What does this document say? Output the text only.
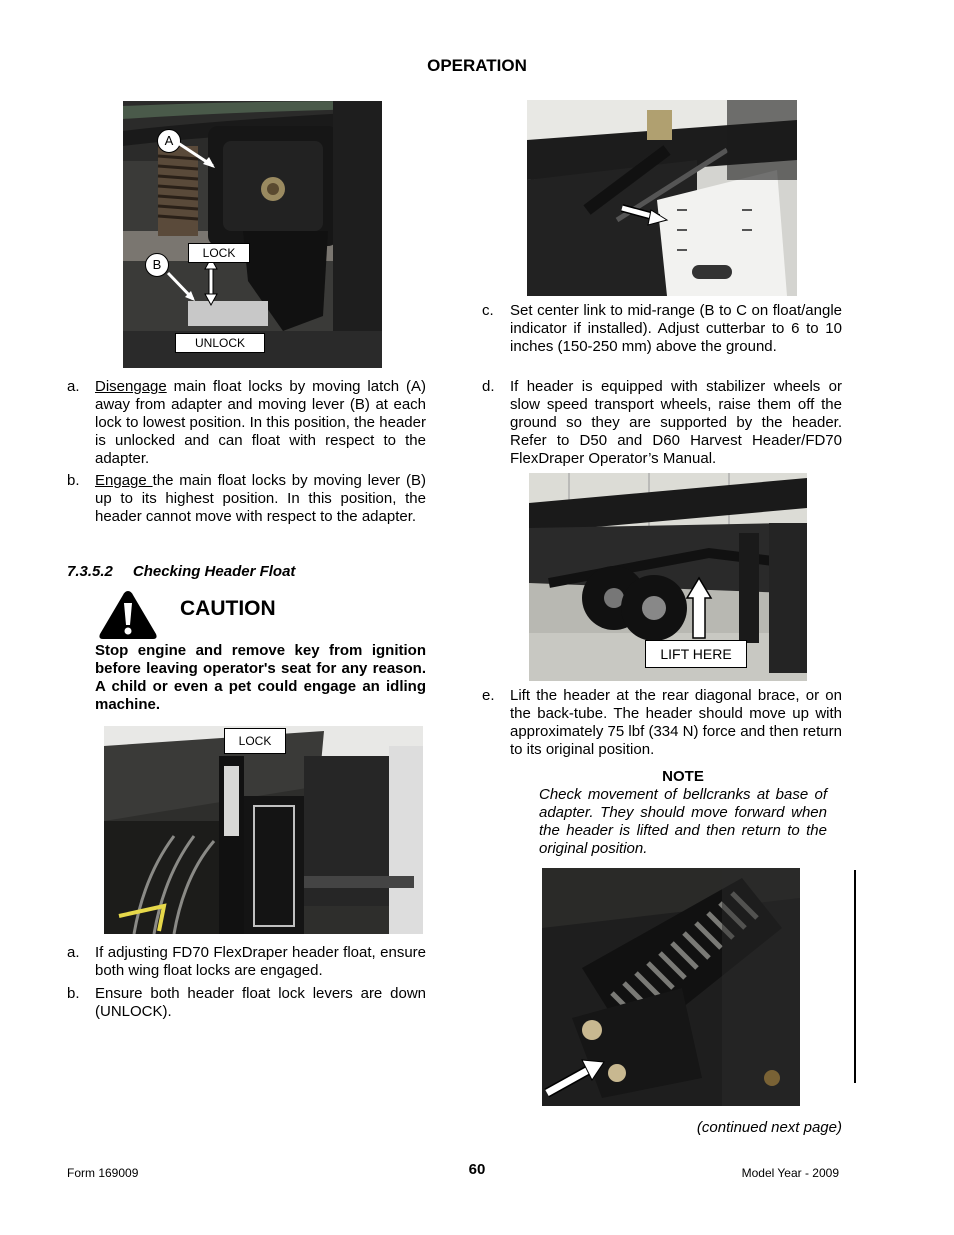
OPERATION
A
B
LOCK
UNLOCK
a. Disengage main float locks by moving latch (A) away from adapter and moving lever (B) at each lock to lowest position. In this position, the header is unlocked and can float with respect to the adapter.
b. Engage the main float locks by moving lever (B) up to its highest position. In this position, the header cannot move with respect to the adapter.
7.3.5.2 Checking Header Float
CAUTION
Stop engine and remove key from ignition before leaving operator's seat for any reason. A child or even a pet could engage an idling machine.
LOCK
a. If adjusting FD70 FlexDraper header float, ensure both wing float locks are engaged.
b. Ensure both header float lock levers are down (UNLOCK).
c. Set center link to mid-range (B to C on float/angle indicator if installed). Adjust cutterbar to 6 to 10 inches (150-250 mm) above the ground.
d. If header is equipped with stabilizer wheels or slow speed transport wheels, raise them off the ground so they are supported by the header. Refer to D50 and D60 Harvest Header/FD70 FlexDraper Operator’s Manual.
LIFT HERE
e. Lift the header at the rear diagonal brace, or on the back-tube. The header should move up with approximately 75 lbf (334 N) force and then return to its original position.
NOTE
Check movement of bellcranks at base of adapter. They should move forward when the header is lifted and then return to the original position.
(continued next page)
Form 169009	60	Model Year - 2009
